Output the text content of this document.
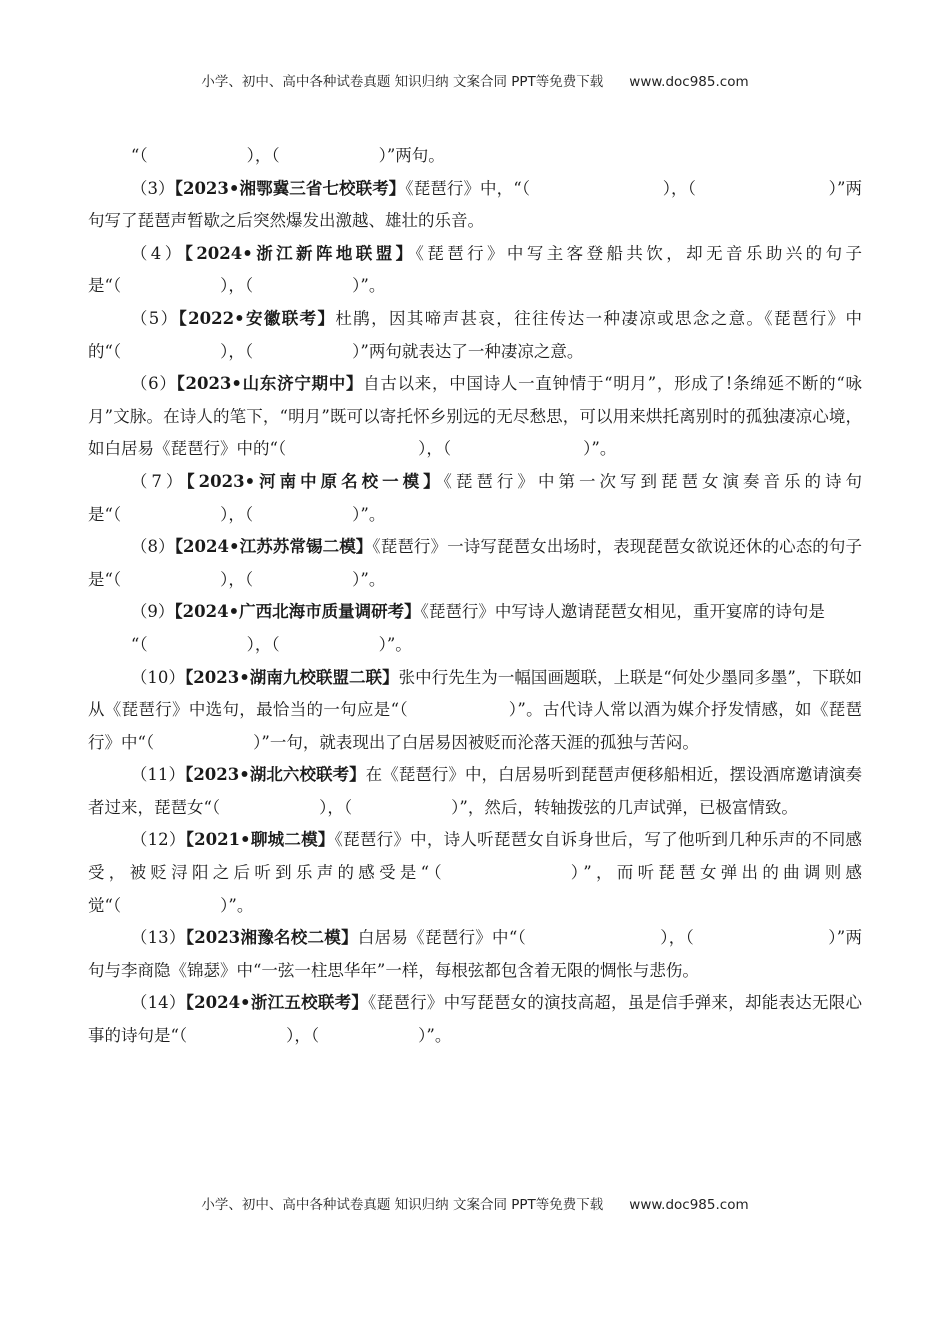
小学、初中、高中各种试卷真题 知识归纳 文案合同 PPT等免费下载 www.doc985.com

“（　　　　　　），（　　　　　　）”两句。

（3）【2023•湘鄂冀三省七校联考】《琵琶行》中，“（　　　　　　　　），（　　　　　　　　）”两句写了琵琶声暂歇之后突然爆发出激越、雄壮的乐音。

（4）【2024•浙江新阵地联盟】《琵琶行》中写主客登船共饮，却无音乐助兴的句子是“（　　　　　　），（　　　　　　）”。

（5）【2022•安徽联考】杜鹃，因其啼声甚哀，往往传达一种凄凉或思念之意。《琵琶行》中的“（　　　　　　），（　　　　　　）”两句就表达了一种凄凉之意。

（6）【2023•山东济宁期中】自古以来，中国诗人一直钟情于“明月”，形成了!条绵延不断的“咏月”文脉。在诗人的笔下，“明月”既可以寄托怀乡别远的无尽愁思，可以用来烘托离别时的孤独凄凉心境，如白居易《琵琶行》中的“（　　　　　　　　），（　　　　　　　　）”。

（7）【2023•河南中原名校一模】《琵琶行》中第一次写到琵琶女演奏音乐的诗句是“（　　　　　　），（　　　　　　）”。

（8）【2024•江苏苏常锡二模】《琵琶行》一诗写琵琶女出场时，表现琵琶女欲说还休的心态的句子是“（　　　　　　），（　　　　　　）”。

（9）【2024•广西北海市质量调研考】《琵琶行》中写诗人邀请琵琶女相见，重开宴席的诗句是

“（　　　　　　），（　　　　　　）”。

（10）【2023•湖南九校联盟二联】张中行先生为一幅国画题联，上联是“何处少墨同多墨”，下联如从《琵琶行》中选句，最恰当的一句应是“（　　　　　　）”。古代诗人常以酒为媒介抒发情感，如《琵琶行》中“（　　　　　　）”一句，就表现出了白居易因被贬而沦落天涯的孤独与苦闷。

（11）【2023•湖北六校联考】在《琵琶行》中，白居易听到琵琶声便移船相近，摆设酒席邀请演奏者过来，琵琶女“（　　　　　　），（　　　　　　）”，然后，转轴拨弦的几声试弹，已极富情致。

（12）【2021•聊城二模】《琵琶行》中，诗人听琵琶女自诉身世后，写了他听到几种乐声的不同感受，被贬浔阳之后听到乐声的感受是“（　　　　　　）”，而听琵琶女弹出的曲调则感觉“（　　　　　　）”。

（13）【2023湘豫名校二模】白居易《琵琶行》中“（　　　　　　　　），（　　　　　　　　）”两句与李商隐《锦瑟》中“一弦一柱思华年”一样，每根弦都包含着无限的惆怅与悲伤。

（14）【2024•浙江五校联考】《琵琶行》中写琵琶女的演技高超，虽是信手弹来，却能表达无限心事的诗句是“（　　　　　　），（　　　　　　）”。

小学、初中、高中各种试卷真题 知识归纳 文案合同 PPT等免费下载 www.doc985.com
